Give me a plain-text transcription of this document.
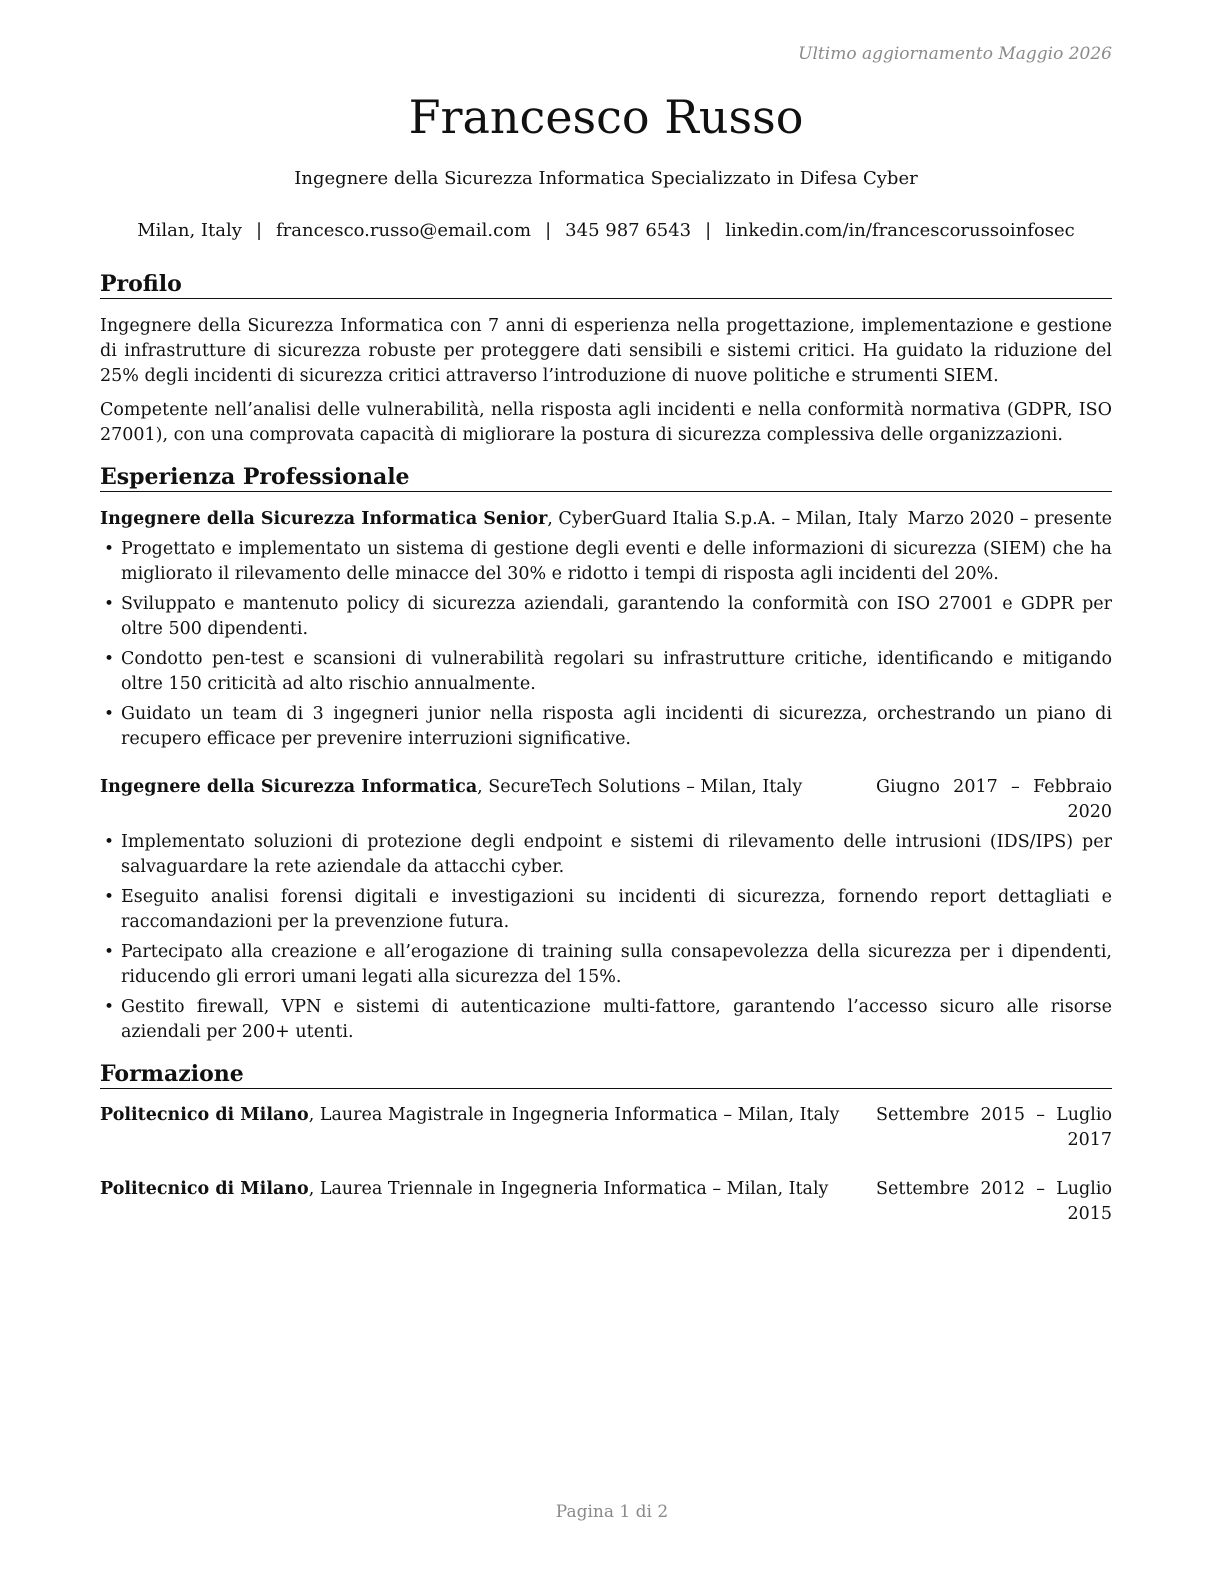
Ultimo aggiornamento Maggio 2026
Francesco Russo
Ingegnere della Sicurezza Informatica Specializzato in Difesa Cyber
Milan, Italy | francesco.russo@email.com | 345 987 6543 | linkedin.com/in/francescorussoinfosec
Profilo

Ingegnere della Sicurezza Informatica con 7 anni di esperienza nella progettazione, implementazione e gestione di infrastrutture di sicurezza robuste per proteggere dati sensibili e sistemi critici. Ha guidato la riduzione del 25% degli incidenti di sicurezza critici attraverso l’introduzione di nuove politiche e strumenti SIEM.

Competente nell’analisi delle vulnerabilità, nella risposta agli incidenti e nella conformità normativa (GDPR, ISO 27001), con una comprovata capacità di migliorare la postura di sicurezza complessiva delle organizzazioni.

Esperienza Professionale
Ingegnere della Sicurezza Informatica Senior, CyberGuard Italia S.p.A. – Milan, Italy Marzo 2020 – presente
• Progettato e implementato un sistema di gestione degli eventi e delle informazioni di sicurezza (SIEM) che ha migliorato il rilevamento delle minacce del 30% e ridotto i tempi di risposta agli incidenti del 20%.
• Sviluppato e mantenuto policy di sicurezza aziendali, garantendo la conformità con ISO 27001 e GDPR per oltre 500 dipendenti.
• Condotto pen-test e scansioni di vulnerabilità regolari su infrastrutture critiche, identificando e mitigando oltre 150 criticità ad alto rischio annualmente.
• Guidato un team di 3 ingegneri junior nella risposta agli incidenti di sicurezza, orchestrando un piano di recupero efficace per prevenire interruzioni significative.
Ingegnere della Sicurezza Informatica, SecureTech Solutions – Milan, Italy	Giugno 2017 – Febbraio 2020
• Implementato soluzioni di protezione degli endpoint e sistemi di rilevamento delle intrusioni (IDS/IPS) per salvaguardare la rete aziendale da attacchi cyber.
• Eseguito analisi forensi digitali e investigazioni su incidenti di sicurezza, fornendo report dettagliati e raccomandazioni per la prevenzione futura.
• Partecipato alla creazione e all’erogazione di training sulla consapevolezza della sicurezza per i dipendenti, riducendo gli errori umani legati alla sicurezza del 15%.
• Gestito firewall, VPN e sistemi di autenticazione multi-fattore, garantendo l’accesso sicuro alle risorse aziendali per 200+ utenti.
Formazione
Politecnico di Milano, Laurea Magistrale in Ingegneria Informatica – Milan, Italy Settembre 2015 – Luglio 2017
Politecnico di Milano, Laurea Triennale in Ingegneria Informatica – Milan, Italy	Settembre 2012 – Luglio 2015
Pagina 1 di 2
